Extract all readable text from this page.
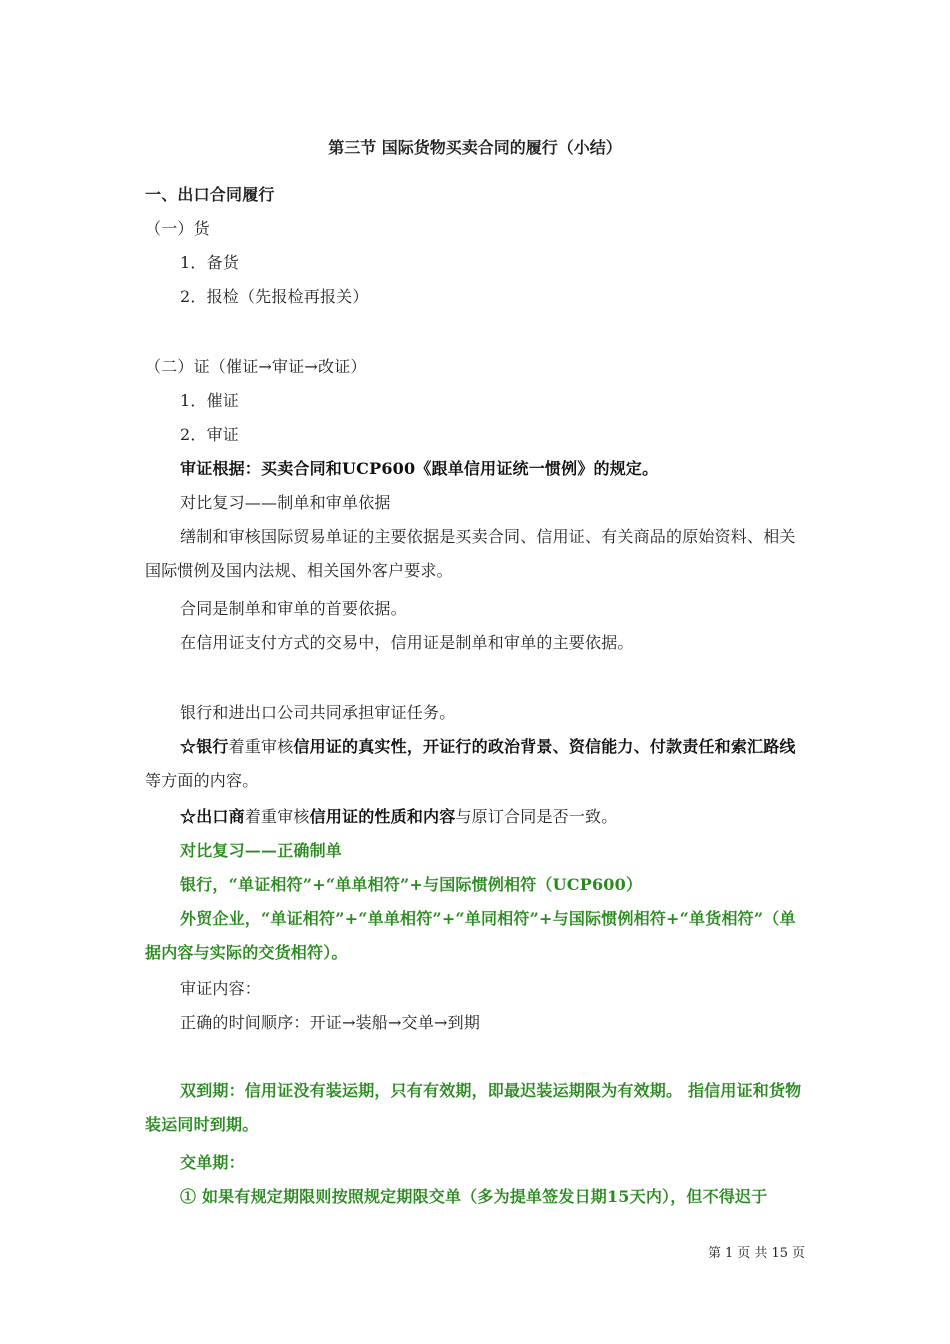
第三节 国际货物买卖合同的履行（小结）
一、出口合同履行
（一）货
1．备货
2．报检（先报检再报关）
（二）证（催证→审证→改证）
1．催证
2．审证
审证根据：买卖合同和UCP600《跟单信用证统一惯例》的规定。
对比复习——制单和审单依据
缮制和审核国际贸易单证的主要依据是买卖合同、信用证、有关商品的原始资料、相关国际惯例及国内法规、相关国外客户要求。
合同是制单和审单的首要依据。
在信用证支付方式的交易中，信用证是制单和审单的主要依据。
银行和进出口公司共同承担审证任务。
☆银行着重审核信用证的真实性，开证行的政治背景、资信能力、付款责任和索汇路线等方面的内容。
☆出口商着重审核信用证的性质和内容与原订合同是否一致。
对比复习——正确制单
银行，“单证相符”+“单单相符”+与国际惯例相符（UCP600）
外贸企业，“单证相符”+“单单相符”+“单同相符”+与国际惯例相符+“单货相符”（单据内容与实际的交货相符）。
审证内容：
正确的时间顺序：开证→装船→交单→到期
双到期：信用证没有装运期，只有有效期，即最迟装运期限为有效期。 指信用证和货物装运同时到期。
交单期：
① 如果有规定期限则按照规定期限交单（多为提单签发日期15天内），但不得迟于
第 1 页 共 15 页
